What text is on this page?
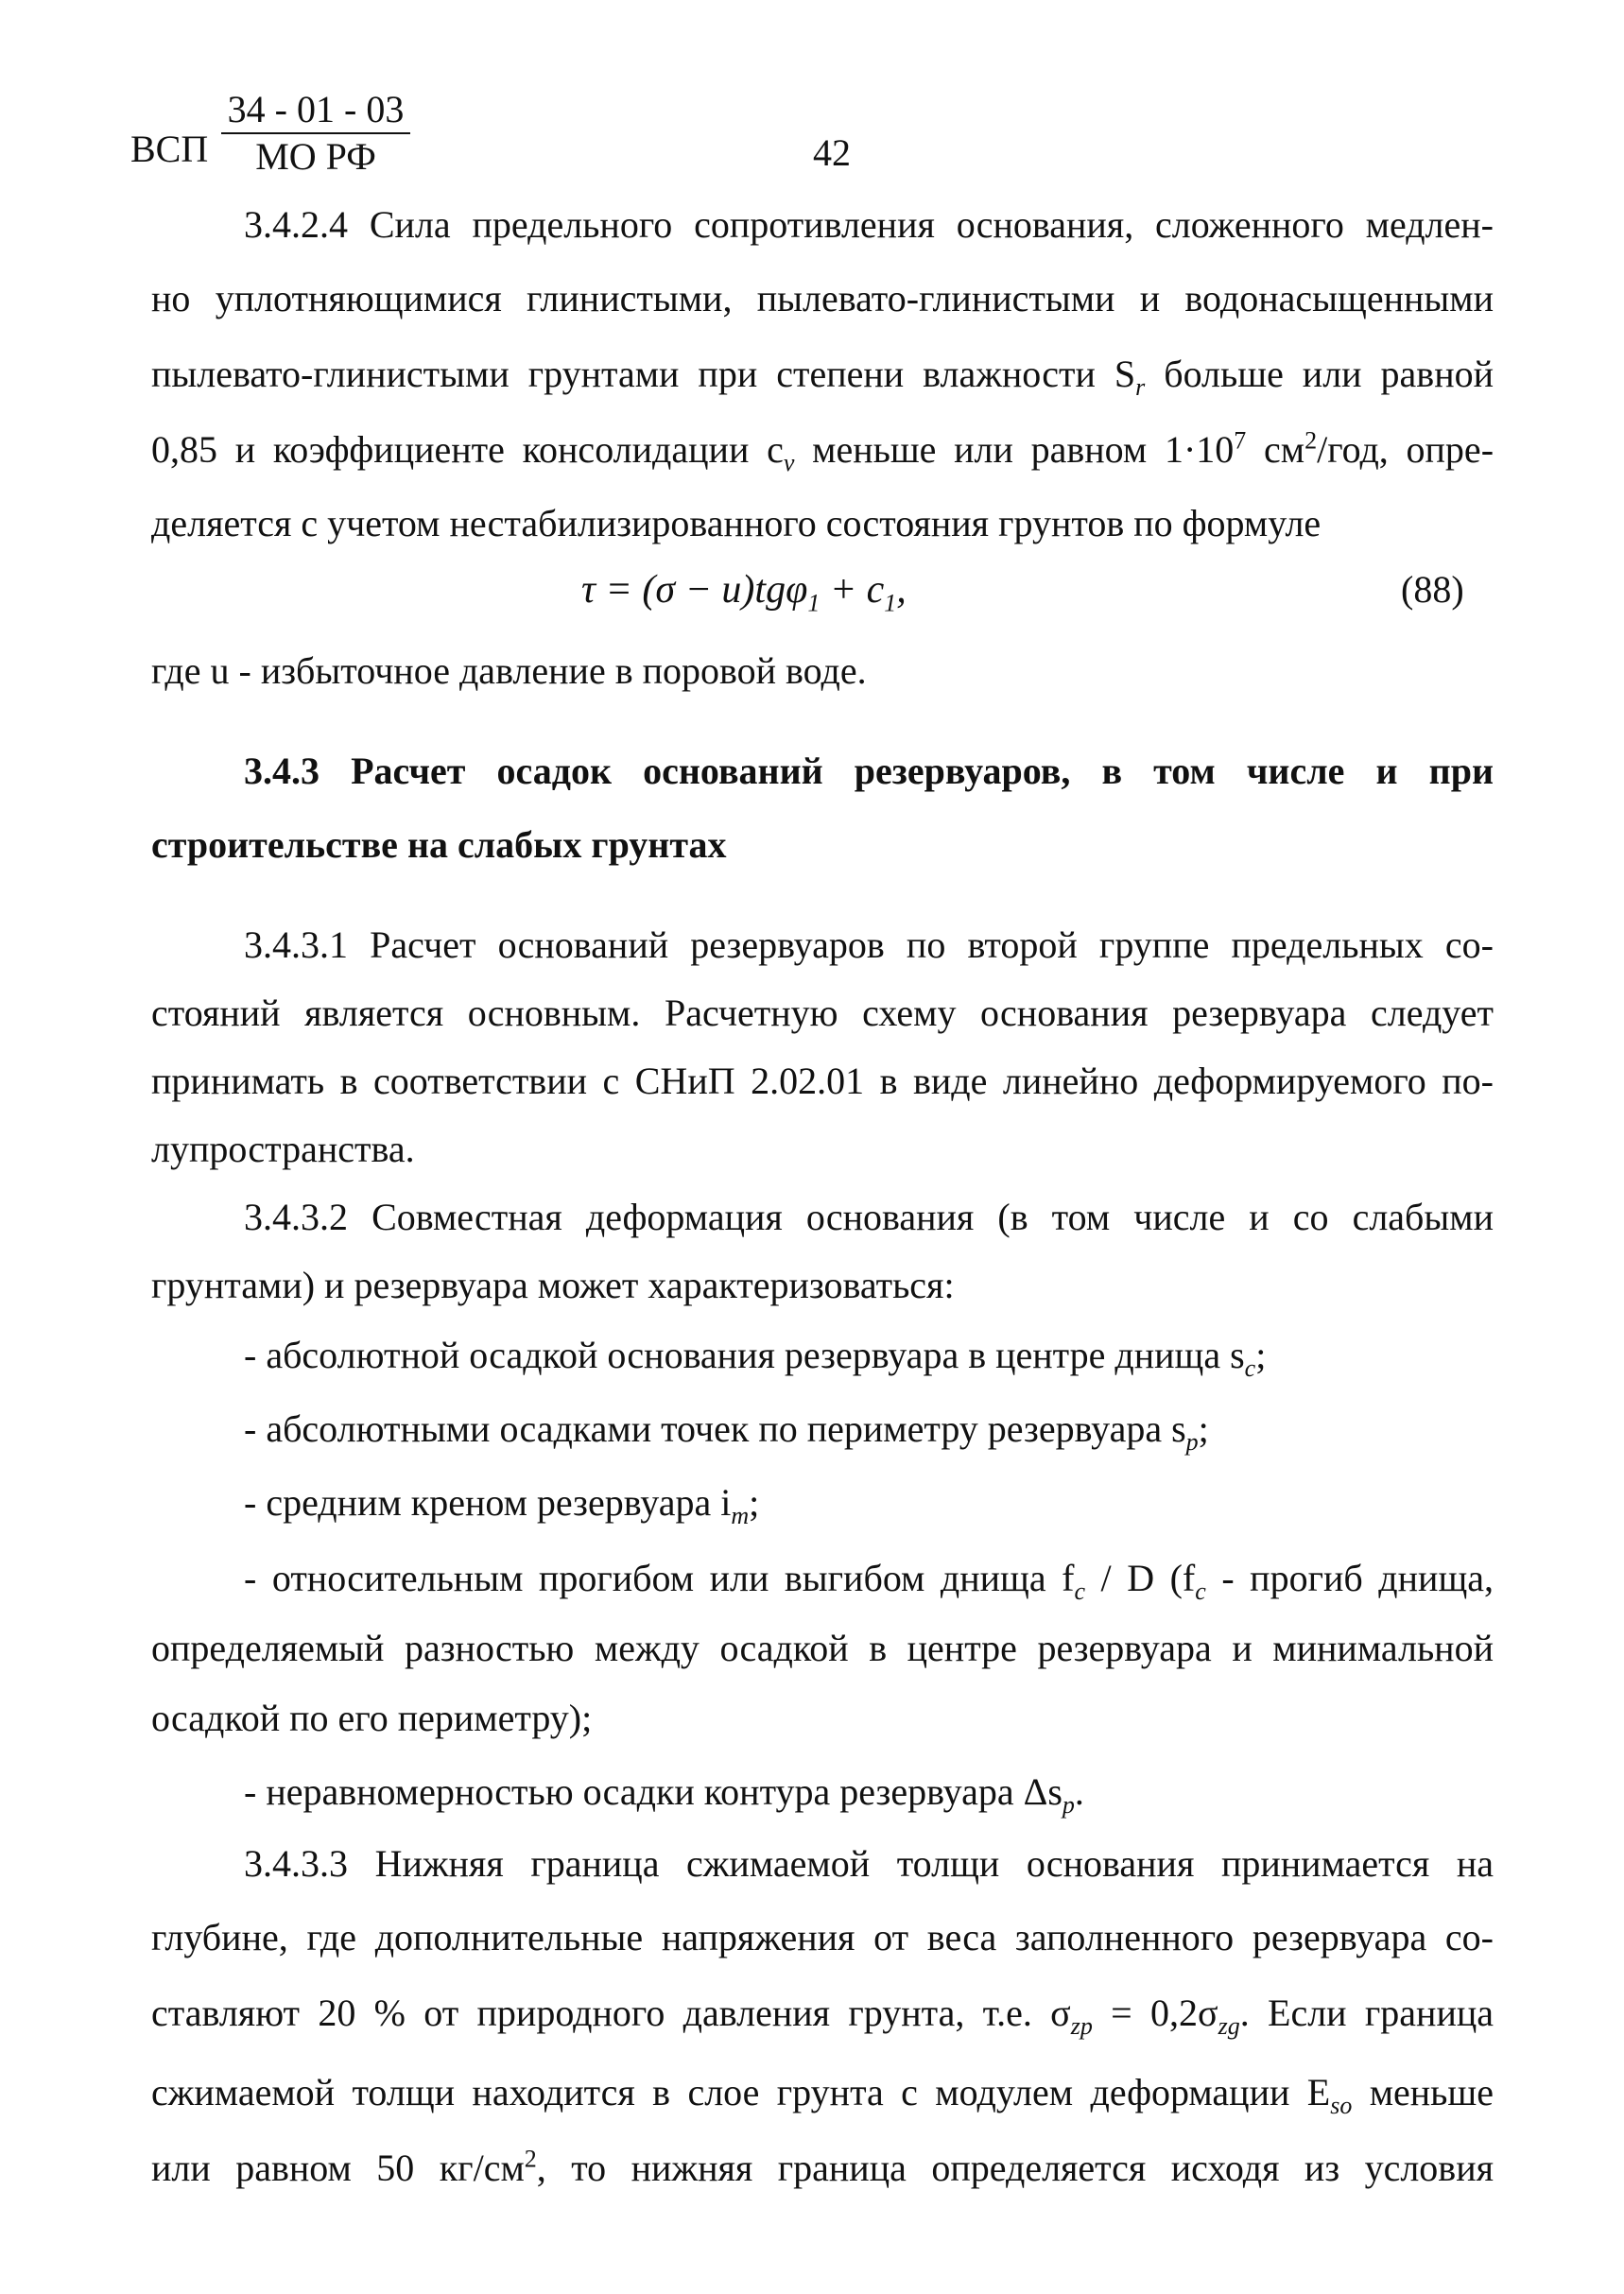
ВСП
34 - 01 - 03
МО РФ	42
3.4.2.4 Сила предельного сопротивления основания, сложенного медлен-
но уплотняющимися глинистыми, пылевато-глинистыми и водонасыщенными
пылевато-глинистыми грунтами при степени влажности $S_r$ больше или равной
0,85 и коэффициенте консолидации $c_v$ меньше или равном $1\cdot 10^7$ $см^2$/год, опре-
деляется с учетом нестабилизированного состояния грунтов по формуле
$\tau = (\sigma - u)tg\varphi_1 + c_1$,	(88)
где u - избыточное давление в поровой воде.
3.4.3 Расчет осадок оснований резервуаров, в том числе и при
строительстве на слабых грунтах
3.4.3.1 Расчет оснований резервуаров по второй группе предельных со-
стояний является основным. Расчетную схему основания резервуара следует
принимать в соответствии с СНиП 2.02.01 в виде линейно деформируемого по-
лупространства.
3.4.3.2 Совместная деформация основания (в том числе и со слабыми
грунтами) и резервуара может характеризоваться:
- абсолютной осадкой основания резервуара в центре днища $s_c$;
- абсолютными осадками точек по периметру резервуара $s_p$;
- средним креном резервуара $i_m$;
- относительным прогибом или выгибом днища $f_c$ / D ($f_c$ - прогиб днища,
определяемый разностью между осадкой в центре резервуара и минимальной
осадкой по его периметру);
- неравномерностью осадки контура резервуара $\Delta s_p$.
3.4.3.3 Нижняя граница сжимаемой толщи основания принимается на
глубине, где дополнительные напряжения от веса заполненного резервуара со-
ставляют 20 % от природного давления грунта, т.е. $\sigma_{zp} = 0,2\sigma_{zg}$. Если граница
сжимаемой толщи находится в слое грунта с модулем деформации $E_{so}$ меньше
или равном 50 $кг/см^2$, то нижняя граница определяется исходя из условия
